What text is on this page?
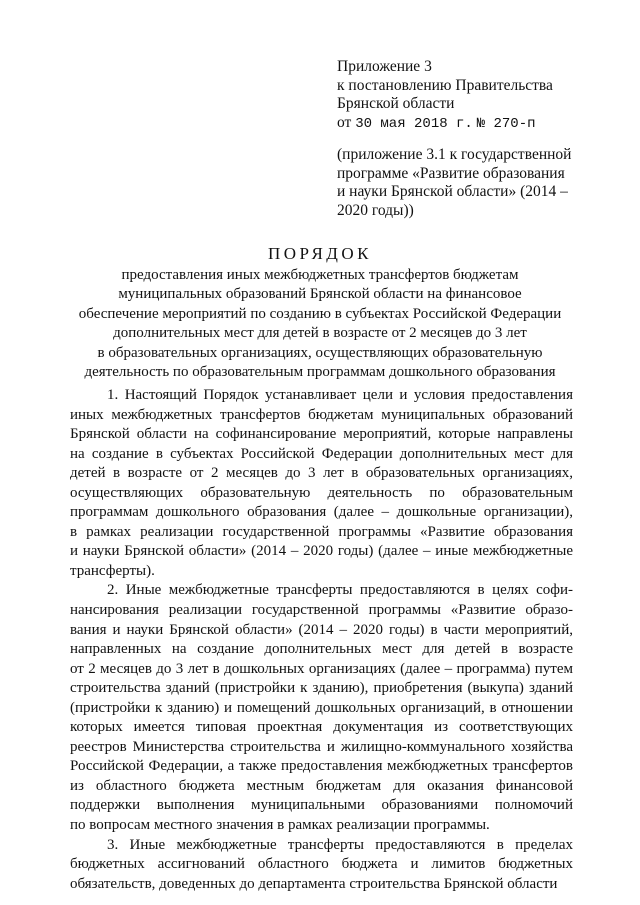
Приложение 3
к постановлению Правительства
Брянской области
от 30 мая 2018 г. № 270-п
(приложение 3.1 к государственной
программе «Развитие образования
и науки Брянской области» (2014 –
2020 годы))
ПОРЯДОК
предоставления иных межбюджетных трансфертов бюджетам
муниципальных образований Брянской области на финансовое
обеспечение мероприятий по созданию в субъектах Российской Федерации
дополнительных мест для детей в возрасте от 2 месяцев до 3 лет
в образовательных организациях, осуществляющих образовательную
деятельность по образовательным программам дошкольного образования
1. Настоящий Порядок устанавливает цели и условия предоставления
иных межбюджетных трансфертов бюджетам муниципальных образований
Брянской области на софинансирование мероприятий, которые направлены
на создание в субъектах Российской Федерации дополнительных мест для
детей в возрасте от 2 месяцев до 3 лет в образовательных организациях,
осуществляющих образовательную деятельность по образовательным
программам дошкольного образования (далее – дошкольные организации),
в рамках реализации государственной программы «Развитие образования
и науки Брянской области» (2014 – 2020 годы) (далее – иные межбюджетные
трансферты).
2. Иные межбюджетные трансферты предоставляются в целях софи-
нансирования реализации государственной программы «Развитие образо-
вания и науки Брянской области» (2014 – 2020 годы) в части мероприятий,
направленных на создание дополнительных мест для детей в возрасте
от 2 месяцев до 3 лет в дошкольных организациях (далее – программа) путем
строительства зданий (пристройки к зданию), приобретения (выкупа) зданий
(пристройки к зданию) и помещений дошкольных организаций, в отношении
которых имеется типовая проектная документация из соответствующих
реестров Министерства строительства и жилищно-коммунального хозяйства
Российской Федерации, а также предоставления межбюджетных трансфертов
из областного бюджета местным бюджетам для оказания финансовой
поддержки выполнения муниципальными образованиями полномочий
по вопросам местного значения в рамках реализации программы.
3. Иные межбюджетные трансферты предоставляются в пределах
бюджетных ассигнований областного бюджета и лимитов бюджетных
обязательств, доведенных до департамента строительства Брянской области
